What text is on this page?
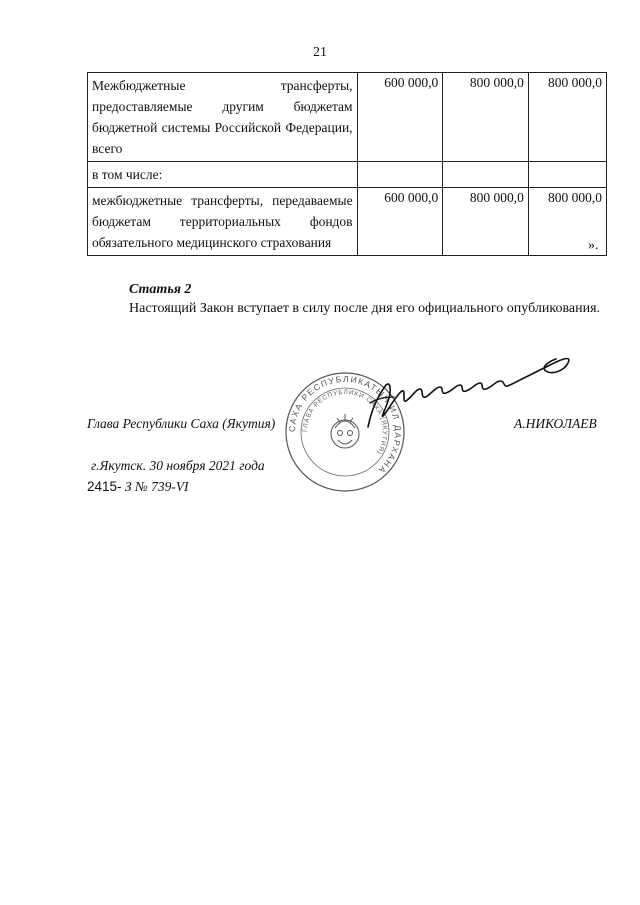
21
Межбюджетные трансферты, предоставляемые другим бюджетам бюджетной системы Российской Федерации, всего	600 000,0	800 000,0	800 000,0
в том числе:			
межбюджетные трансферты, передаваемые бюджетам территориальных фондов обязательного медицинского страхования	600 000,0	800 000,0	800 000,0
».
Статья 2
Настоящий Закон вступает в силу после дня его официального опубликования.
САХА РЕСПУБЛИКАТЫН ИЛ ДАРХАНА
ГЛАВА РЕСПУБЛИКИ САХА (ЯКУТИЯ)
Глава Республики Саха (Якутия)	А.НИКОЛАЕВ
г.Якутск. 30 ноября 2021 года
2415- З № 739-VI
